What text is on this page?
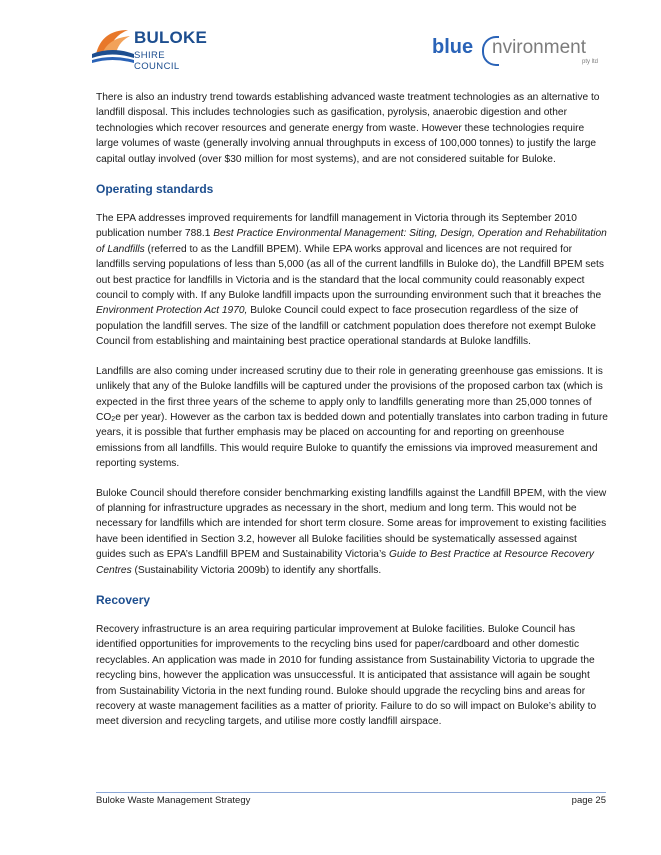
BULOKE
SHIRE COUNCIL
blue nvironment
pty ltd

There is also an industry trend towards establishing advanced waste treatment technologies as an alternative to landfill disposal. This includes technologies such as gasification, pyrolysis, anaerobic digestion and other technologies which recover resources and generate energy from waste. However these technologies require large volumes of waste (generally involving annual throughputs in excess of 100,000 tonnes) to justify the large capital outlay involved (over $30 million for most systems), and are not considered suitable for Buloke.

Operating standards

The EPA addresses improved requirements for landfill management in Victoria through its September 2010 publication number 788.1 Best Practice Environmental Management: Siting, Design, Operation and Rehabilitation of Landfills (referred to as the Landfill BPEM). While EPA works approval and licences are not required for landfills serving populations of less than 5,000 (as all of the current landfills in Buloke do), the Landfill BPEM sets out best practice for landfills in Victoria and is the standard that the local community could reasonably expect council to comply with. If any Buloke landfill impacts upon the surrounding environment such that it breaches the Environment Protection Act 1970, Buloke Council could expect to face prosecution regardless of the size of population the landfill serves. The size of the landfill or catchment population does therefore not exempt Buloke Council from establishing and maintaining best practice operational standards at Buloke landfills.

Landfills are also coming under increased scrutiny due to their role in generating greenhouse gas emissions. It is unlikely that any of the Buloke landfills will be captured under the provisions of the proposed carbon tax (which is expected in the first three years of the scheme to apply only to landfills generating more than 25,000 tonnes of $CO_2e$ per year). However as the carbon tax is bedded down and potentially translates into carbon trading in future years, it is possible that further emphasis may be placed on accounting for and reporting on greenhouse emissions from all landfills. This would require Buloke to quantify the emissions via improved measurement and reporting systems.

Buloke Council should therefore consider benchmarking existing landfills against the Landfill BPEM, with the view of planning for infrastructure upgrades as necessary in the short, medium and long term. This would not be necessary for landfills which are intended for short term closure. Some areas for improvement to existing facilities have been identified in Section 3.2, however all Buloke facilities should be systematically assessed against guides such as EPA’s Landfill BPEM and Sustainability Victoria’s Guide to Best Practice at Resource Recovery Centres (Sustainability Victoria 2009b) to identify any shortfalls.

Recovery

Recovery infrastructure is an area requiring particular improvement at Buloke facilities. Buloke Council has identified opportunities for improvements to the recycling bins used for paper/cardboard and other domestic recyclables. An application was made in 2010 for funding assistance from Sustainability Victoria to upgrade the recycling bins, however the application was unsuccessful. It is anticipated that assistance will again be sought from Sustainability Victoria in the next funding round. Buloke should upgrade the recycling bins and areas for recovery at waste management facilities as a matter of priority. Failure to do so will impact on Buloke’s ability to meet diversion and recycling targets, and utilise more costly landfill airspace.

Buloke Waste Management Strategy	page 25
